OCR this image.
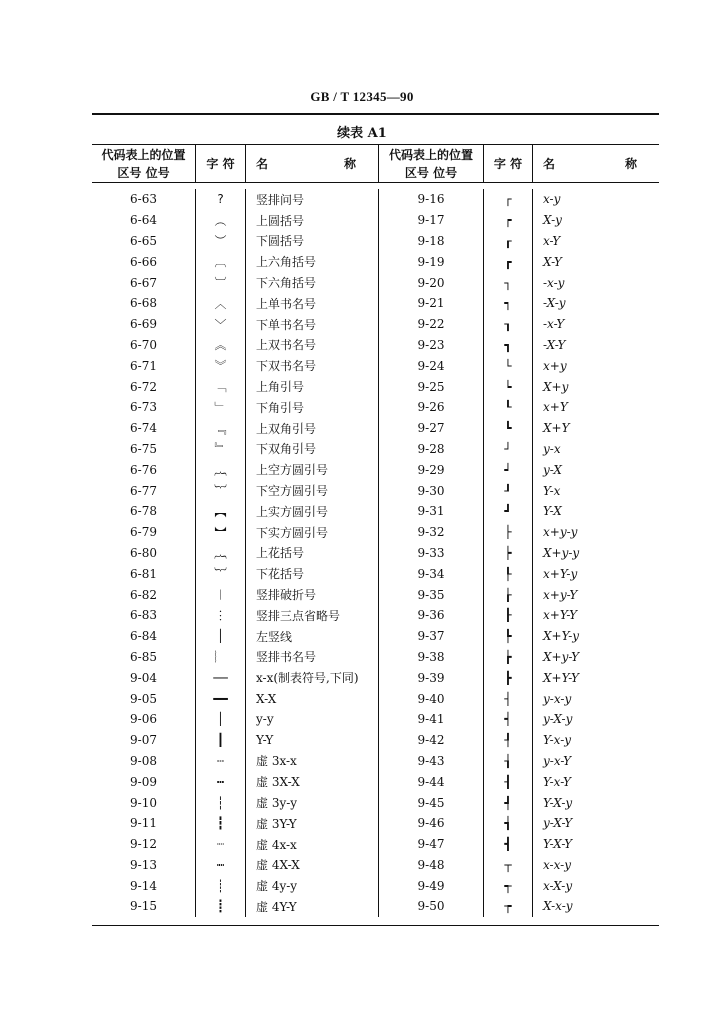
GB / T 12345—90
续表 A1
代码表上的位置
区号 位号
字 符 名	称
代码表上的位置
区号 位号
字 符 名	称
6-63	?	竖排问号	9-16	┌	x-y
6-64	︵	上圆括号	9-17	┍	X-y
6-65	︶	下圆括号	9-18	┎	x-Y
6-66	︹	上六角括号	9-19	┏	X-Y
6-67	︺	下六角括号	9-20	┐	-x-y
6-68	︿	上单书名号	9-21	┑	-X-y
6-69	﹀	下单书名号	9-22	┒	-x-Y
6-70	︽	上双书名号	9-23	┓	-X-Y
6-71	︾	下双书名号	9-24	└	x+y
6-72	﹁	上角引号	9-25	┕	X+y
6-73	﹂	下角引号	9-26	┖	x+Y
6-74	﹃	上双角引号	9-27	┗	X+Y
6-75	﹄	下双角引号	9-28	┘	y-x
6-76	︷	上空方圆引号	9-29	┙	y-X
6-77	︸	下空方圆引号	9-30	┚	Y-x
6-78	︻	上实方圆引号	9-31	┛	Y-X
6-79	︼	下实方圆引号	9-32	├	x+y-y
6-80	︷	上花括号	9-33	┝	X+y-y
6-81	︸	下花括号	9-34	┞	x+Y-y
6-82	︱	竖排破折号	9-35	┟	x+y-Y
6-83	︙	竖排三点省略号	9-36	┠	x+Y-Y
6-84	│	左竖线	9-37	┡	X+Y-y
6-85	︴	竖排书名号	9-38	┢	X+y-Y
9-04	──	x-x(制表符号,下同)	9-39	┣	X+Y-Y
9-05	━━	X-X	9-40	┤	y-x-y
9-06	│	y-y	9-41	┥	y-X-y
9-07	┃	Y-Y	9-42	┦	Y-x-y
9-08	┄	虚 3x-x	9-43	┧	y-x-Y
9-09	┅	虚 3X-X	9-44	┨	Y-x-Y
9-10	┆	虚 3y-y	9-45	┩	Y-X-y
9-11	┇	虚 3Y-Y	9-46	┪	y-X-Y
9-12	┈	虚 4x-x	9-47	┫	Y-X-Y
9-13	┉	虚 4X-X	9-48	┬	x-x-y
9-14	┊	虚 4y-y	9-49	┭	x-X-y
9-15	┋	虚 4Y-Y	9-50	┮	X-x-y
